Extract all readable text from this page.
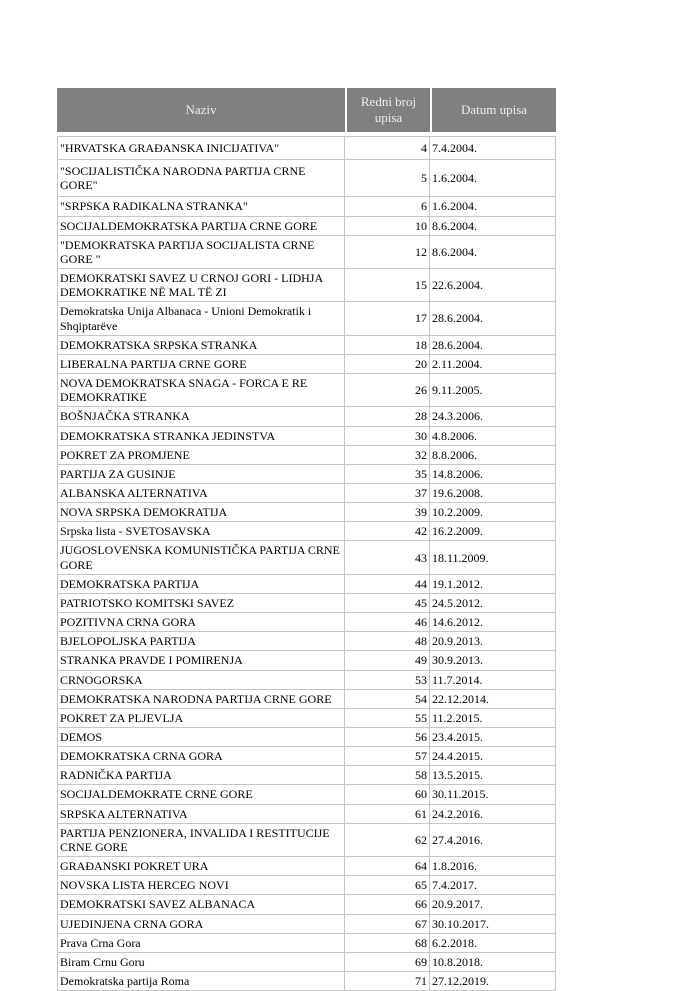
Naziv	Redni broj upisa	Datum upisa
"HRVATSKA GRAĐANSKA INICIJATIVA"	4	7.4.2004.
"SOCIJALISTIČKA NARODNA PARTIJA CRNE GORE"	5	1.6.2004.
"SRPSKA RADIKALNA STRANKA"	6	1.6.2004.
SOCIJALDEMOKRATSKA PARTIJA CRNE GORE	10	8.6.2004.
"DEMOKRATSKA PARTIJA SOCIJALISTA CRNE GORE "	12	8.6.2004.
DEMOKRATSKI SAVEZ U CRNOJ GORI - LIDHJA DEMOKRATIKE NË MAL TË ZI	15	22.6.2004.
Demokratska Unija Albanaca - Unioni Demokratik i Shqiptarëve	17	28.6.2004.
DEMOKRATSKA SRPSKA STRANKA	18	28.6.2004.
LIBERALNA PARTIJA CRNE GORE	20	2.11.2004.
NOVA DEMOKRATSKA SNAGA - FORCA E RE DEMOKRATIKE	26	9.11.2005.
BOŠNJAČKA STRANKA	28	24.3.2006.
DEMOKRATSKA STRANKA JEDINSTVA	30	4.8.2006.
POKRET ZA PROMJENE	32	8.8.2006.
PARTIJA ZA GUSINJE	35	14.8.2006.
ALBANSKA ALTERNATIVA	37	19.6.2008.
NOVA SRPSKA DEMOKRATIJA	39	10.2.2009.
Srpska lista - SVETOSAVSKA	42	16.2.2009.
JUGOSLOVENSKA KOMUNISTIČKA PARTIJA CRNE GORE	43	18.11.2009.
DEMOKRATSKA PARTIJA	44	19.1.2012.
PATRIOTSKO KOMITSKI SAVEZ	45	24.5.2012.
POZITIVNA CRNA GORA	46	14.6.2012.
BJELOPOLJSKA PARTIJA	48	20.9.2013.
STRANKA PRAVDE I POMIRENJA	49	30.9.2013.
CRNOGORSKA	53	11.7.2014.
DEMOKRATSKA NARODNA PARTIJA CRNE GORE	54	22.12.2014.
POKRET ZA PLJEVLJA	55	11.2.2015.
DEMOS	56	23.4.2015.
DEMOKRATSKA CRNA GORA	57	24.4.2015.
RADNIČKA PARTIJA	58	13.5.2015.
SOCIJALDEMOKRATE CRNE GORE	60	30.11.2015.
SRPSKA ALTERNATIVA	61	24.2.2016.
PARTIJA PENZIONERA, INVALIDA I RESTITUCIJE CRNE GORE	62	27.4.2016.
GRAĐANSKI POKRET URA	64	1.8.2016.
NOVSKA LISTA HERCEG NOVI	65	7.4.2017.
DEMOKRATSKI SAVEZ ALBANACA	66	20.9.2017.
UJEDINJENA CRNA GORA	67	30.10.2017.
Prava Crna Gora	68	6.2.2018.
Biram Crnu Goru	69	10.8.2018.
Demokratska partija Roma	71	27.12.2019.
